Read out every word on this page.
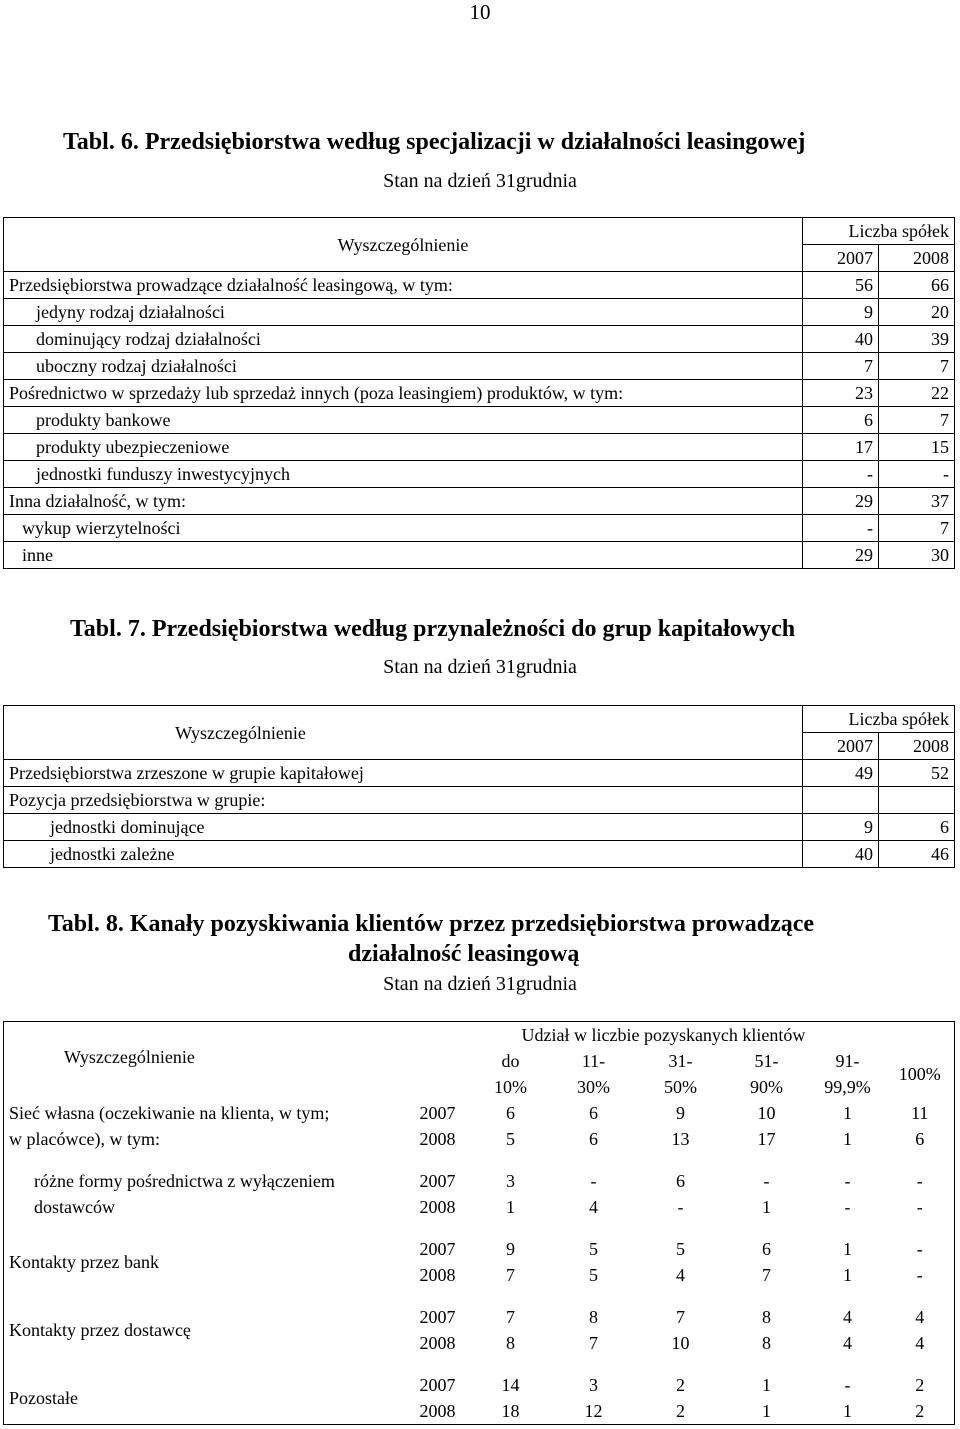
10
Tabl. 6. Przedsiębiorstwa według specjalizacji w działalności leasingowej
Stan na dzień 31grudnia
Wyszczególnienie	Liczba spółek	
	2007	2008
Przedsiębiorstwa prowadzące działalność leasingową, w tym:	56	66
jedyny rodzaj działalności	9	20
dominujący rodzaj działalności	40	39
uboczny rodzaj działalności	7	7
Pośrednictwo w sprzedaży lub sprzedaż innych (poza leasingiem) produktów, w tym:	23	22
produkty bankowe	6	7
produkty ubezpieczeniowe	17	15
jednostki funduszy inwestycyjnych	-	-
Inna działalność, w tym:	29	37
wykup wierzytelności	-	7
inne	29	30
Tabl. 7. Przedsiębiorstwa według przynależności do grup kapitałowych
Stan na dzień 31grudnia
Wyszczególnienie	Liczba spółek	
	2007	2008
Przedsiębiorstwa zrzeszone w grupie kapitałowej	49	52
Pozycja przedsiębiorstwa w grupie:		
jednostki dominujące	9	6
jednostki zależne	40	46
Tabl. 8. Kanały pozyskiwania klientów przez przedsiębiorstwa prowadzące
działalność leasingową
Stan na dzień 31grudnia
Wyszczególnienie		Udział w liczbie pozyskanych klientów					
		do	11-	31-	51-	91-	100%
		10%	30%	50%	90%	99,9%	
Sieć własna (oczekiwanie na klienta, w tym;	2007	6	6	9	10	1	11
w placówce), w tym:	2008	5	6	13	17	1	6

różne formy pośrednictwa z wyłączeniem	2007	3	-	6	-	-	-
dostawców	2008	1	4	-	1	-	-

Kontakty przez bank	2007	9	5	5	6	1	-
	2008	7	5	4	7	1	-

Kontakty przez dostawcę	2007	7	8	7	8	4	4
	2008	8	7	10	8	4	4

Pozostałe	2007	14	3	2	1	-	2
	2008	18	12	2	1	1	2
